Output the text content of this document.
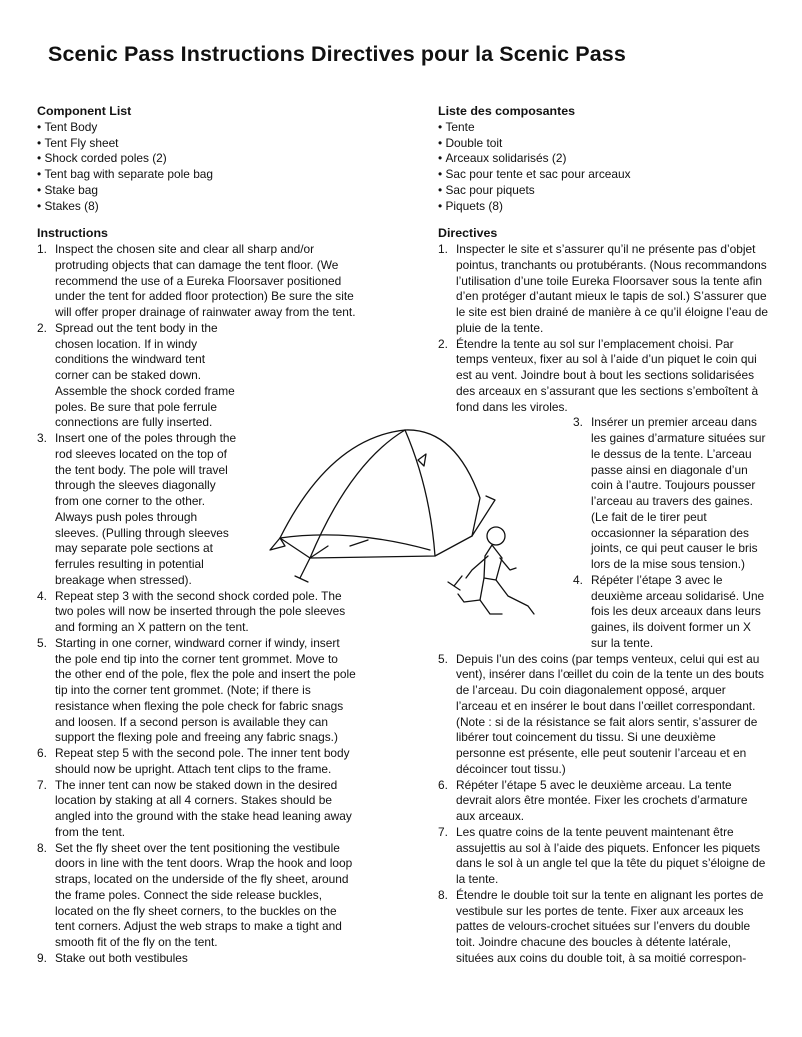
Scenic Pass Instructions Directives pour la Scenic Pass
Component List
• Tent Body
• Tent Fly sheet
• Shock corded poles (2)
• Tent bag with separate pole bag
• Stake bag
• Stakes (8)
Instructions
1. Inspect the chosen site and clear all sharp and/or protruding objects that can damage the tent floor. (We recommend the use of a Eureka Floorsaver positioned under the tent for added floor protection) Be sure the site will offer proper drainage of rainwater away from the tent.
2. Spread out the tent body in the chosen location. If in windy conditions the windward tent corner can be staked down. Assemble the shock corded frame poles. Be sure that pole ferrule connections are fully inserted.
3. Insert one of the poles through the rod sleeves located on the top of the tent body. The pole will travel through the sleeves diagonally from one corner to the other. Always push poles through sleeves. (Pulling through sleeves may separate pole sections at ferrules resulting in potential breakage when stressed).
4. Repeat step 3 with the second shock corded pole. The two poles will now be inserted through the pole sleeves and forming an X pattern on the tent.
5. Starting in one corner, windward corner if windy, insert the pole end tip into the corner tent grommet. Move to the other end of the pole, flex the pole and insert the pole tip into the corner tent grommet. (Note; if there is resistance when flexing the pole check for fabric snags and loosen. If a second person is available they can support the flexing pole and freeing any fabric snags.)
6. Repeat step 5 with the second pole. The inner tent body should now be upright. Attach tent clips to the frame.
7. The inner tent can now be staked down in the desired location by staking at all 4 corners. Stakes should be angled into the ground with the stake head leaning away from the tent.
8. Set the fly sheet over the tent positioning the vestibule doors in line with the tent doors. Wrap the hook and loop straps, located on the underside of the fly sheet, around the frame poles. Connect the side release buckles, located on the fly sheet corners, to the buckles on the tent corners. Adjust the web straps to make a tight and smooth fit of the fly on the tent.
9. Stake out both vestibules
Liste des composantes
• Tente
• Double toit
• Arceaux solidarisés (2)
• Sac pour tente et sac pour arceaux
• Sac pour piquets
• Piquets (8)
Directives
1. Inspecter le site et s’assurer qu’il ne présente pas d’objet pointus, tranchants ou protubérants. (Nous recommandons l’utilisation d’une toile Eureka Floorsaver sous la tente afin d’en protéger d’autant mieux le tapis de sol.) S’assurer que le site est bien drainé de manière à ce qu’il éloigne l’eau de pluie de la tente.
2. Étendre la tente au sol sur l’emplacement choisi. Par temps venteux, fixer au sol à l’aide d’un piquet le coin qui est au vent. Joindre bout à bout les sections solidarisées des arceaux en s’assurant que les sections s’emboîtent à fond dans les viroles.
3. Insérer un premier arceau dans les gaines d’armature situées sur le dessus de la tente. L’arceau passe ainsi en diagonale d’un coin à l’autre. Toujours pousser l’arceau au travers des gaines. (Le fait de le tirer peut occasionner la séparation des joints, ce qui peut causer le bris lors de la mise sous tension.)
4. Répéter l’étape 3 avec le deuxième arceau solidarisé. Une fois les deux arceaux dans leurs gaines, ils doivent former un X sur la tente.
5. Depuis l’un des coins (par temps venteux, celui qui est au vent), insérer dans l’œillet du coin de la tente un des bouts de l’arceau. Du coin diagonalement opposé, arquer l’arceau et en insérer le bout dans l’œillet correspondant. (Note : si de la résistance se fait alors sentir, s’assurer de libérer tout coincement du tissu. Si une deuxième personne est présente, elle peut soutenir l’arceau et en décoincer tout tissu.)
6. Répéter l’étape 5 avec le deuxième arceau. La tente devrait alors être montée. Fixer les crochets d’armature aux arceaux.
7. Les quatre coins de la tente peuvent maintenant être assujettis au sol à l’aide des piquets. Enfoncer les piquets dans le sol à un angle tel que la tête du piquet s’éloigne de la tente.
8. Étendre le double toit sur la tente en alignant les portes de vestibule sur les portes de tente. Fixer aux arceaux les pattes de velours-crochet situées sur l’envers du double toit. Joindre chacune des boucles à détente latérale, situées aux coins du double toit, à sa moitié correspon-
